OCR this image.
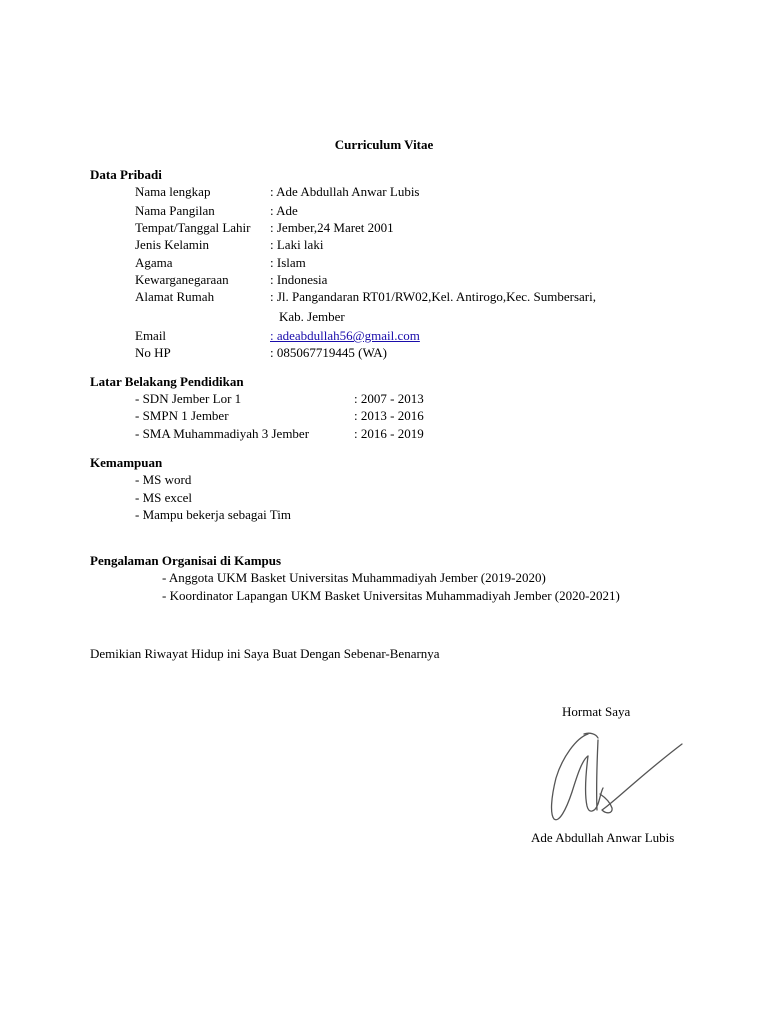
Curriculum Vitae
Data Pribadi
Nama lengkap	: Ade Abdullah Anwar Lubis
Nama Pangilan	: Ade
Tempat/Tanggal Lahir : Jember,24 Maret 2001
Jenis Kelamin	: Laki laki
Agama	: Islam
Kewarganegaraan	: Indonesia
Alamat Rumah	: Jl. Pangandaran RT01/RW02,Kel. Antirogo,Kec. Sumbersari,
Kab. Jember
Email	: adeabdullah56@gmail.com
No HP	: 085067719445 (WA)
Latar Belakang Pendidikan
- SDN Jember Lor 1	: 2007 - 2013
- SMPN 1 Jember	: 2013 - 2016
- SMA Muhammadiyah 3 Jember	: 2016 - 2019
Kemampuan
- MS word
- MS excel
- Mampu bekerja sebagai Tim
Pengalaman Organisai di Kampus
- Anggota UKM Basket Universitas Muhammadiyah Jember (2019-2020)
- Koordinator Lapangan UKM Basket Universitas Muhammadiyah Jember (2020-2021)
Demikian Riwayat Hidup ini Saya Buat Dengan Sebenar-Benarnya
Hormat Saya
Ade Abdullah Anwar Lubis
